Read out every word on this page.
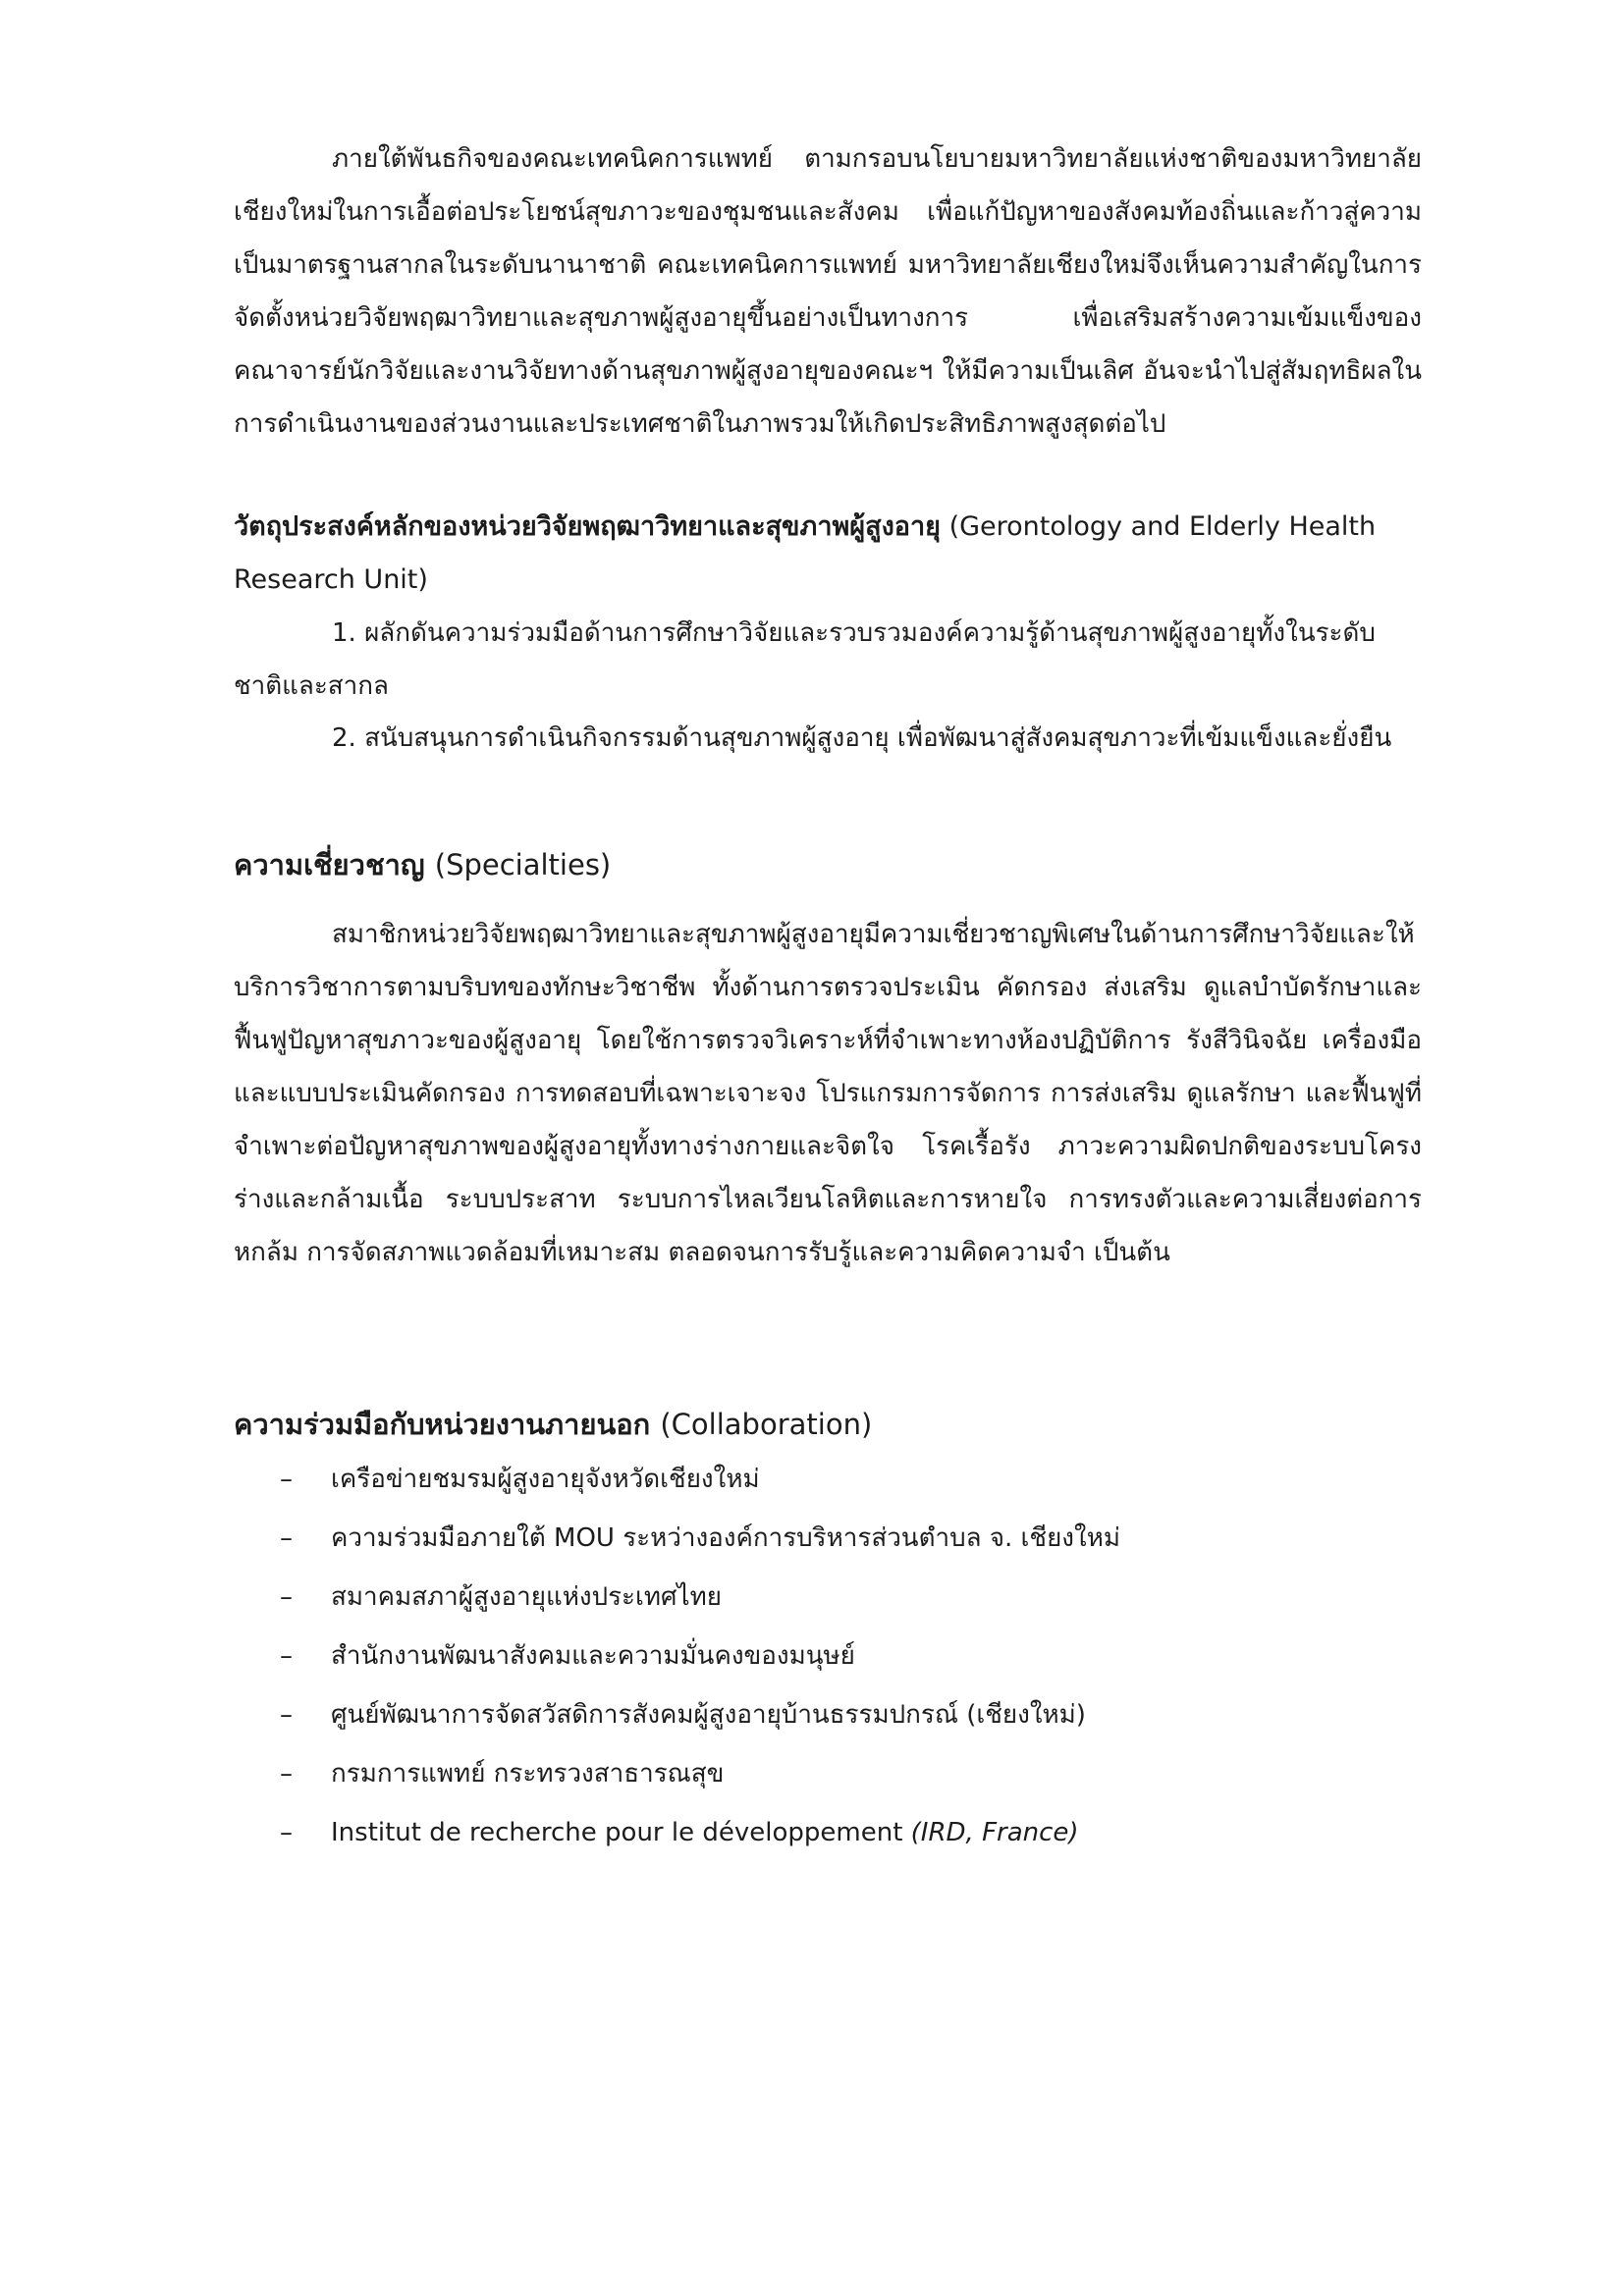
ภายใต้พันธกิจของคณะเทคนิคการแพทย์ ตามกรอบนโยบายมหาวิทยาลัยแห่งชาติของมหาวิทยาลัยเชียงใหม่ในการเอื้อต่อประโยชน์สุขภาวะของชุมชนและสังคม เพื่อแก้ปัญหาของสังคมท้องถิ่นและก้าวสู่ความเป็นมาตรฐานสากลในระดับนานาชาติ คณะเทคนิคการแพทย์ มหาวิทยาลัยเชียงใหม่จึงเห็นความสำคัญในการจัดตั้งหน่วยวิจัยพฤฒาวิทยาและสุขภาพผู้สูงอายุขึ้นอย่างเป็นทางการ เพื่อเสริมสร้างความเข้มแข็งของคณาจารย์นักวิจัยและงานวิจัยทางด้านสุขภาพผู้สูงอายุของคณะฯ ให้มีความเป็นเลิศ อันจะนำไปสู่สัมฤทธิผลในการดำเนินงานของส่วนงานและประเทศชาติในภาพรวมให้เกิดประสิทธิภาพสูงสุดต่อไป

วัตถุประสงค์หลักของหน่วยวิจัยพฤฒาวิทยาและสุขภาพผู้สูงอายุ (Gerontology and Elderly Health Research Unit)

1. ผลักดันความร่วมมือด้านการศึกษาวิจัยและรวบรวมองค์ความรู้ด้านสุขภาพผู้สูงอายุทั้งในระดับชาติและสากล

2. สนับสนุนการดำเนินกิจกรรมด้านสุขภาพผู้สูงอายุ เพื่อพัฒนาสู่สังคมสุขภาวะที่เข้มแข็งและยั่งยืน

ความเชี่ยวชาญ (Specialties)

สมาชิกหน่วยวิจัยพฤฒาวิทยาและสุขภาพผู้สูงอายุมีความเชี่ยวชาญพิเศษในด้านการศึกษาวิจัยและให้บริการวิชาการตามบริบทของทักษะวิชาชีพ ทั้งด้านการตรวจประเมิน คัดกรอง ส่งเสริม ดูแลบำบัดรักษาและฟื้นฟูปัญหาสุขภาวะของผู้สูงอายุ โดยใช้การตรวจวิเคราะห์ที่จำเพาะทางห้องปฏิบัติการ รังสีวินิจฉัย เครื่องมือและแบบประเมินคัดกรอง การทดสอบที่เฉพาะเจาะจง โปรแกรมการจัดการ การส่งเสริม ดูแลรักษา และฟื้นฟูที่จำเพาะต่อปัญหาสุขภาพของผู้สูงอายุทั้งทางร่างกายและจิตใจ โรคเรื้อรัง ภาวะความผิดปกติของระบบโครงร่างและกล้ามเนื้อ ระบบประสาท ระบบการไหลเวียนโลหิตและการหายใจ การทรงตัวและความเสี่ยงต่อการหกล้ม การจัดสภาพแวดล้อมที่เหมาะสม ตลอดจนการรับรู้และความคิดความจำ เป็นต้น

ความร่วมมือกับหน่วยงานภายนอก (Collaboration)

– เครือข่ายชมรมผู้สูงอายุจังหวัดเชียงใหม่
– ความร่วมมือภายใต้ MOU ระหว่างองค์การบริหารส่วนตำบล จ. เชียงใหม่
– สมาคมสภาผู้สูงอายุแห่งประเทศไทย
– สำนักงานพัฒนาสังคมและความมั่นคงของมนุษย์
– ศูนย์พัฒนาการจัดสวัสดิการสังคมผู้สูงอายุบ้านธรรมปกรณ์ (เชียงใหม่)
– กรมการแพทย์ กระทรวงสาธารณสุข
– Institut de recherche pour le développement (IRD, France)
